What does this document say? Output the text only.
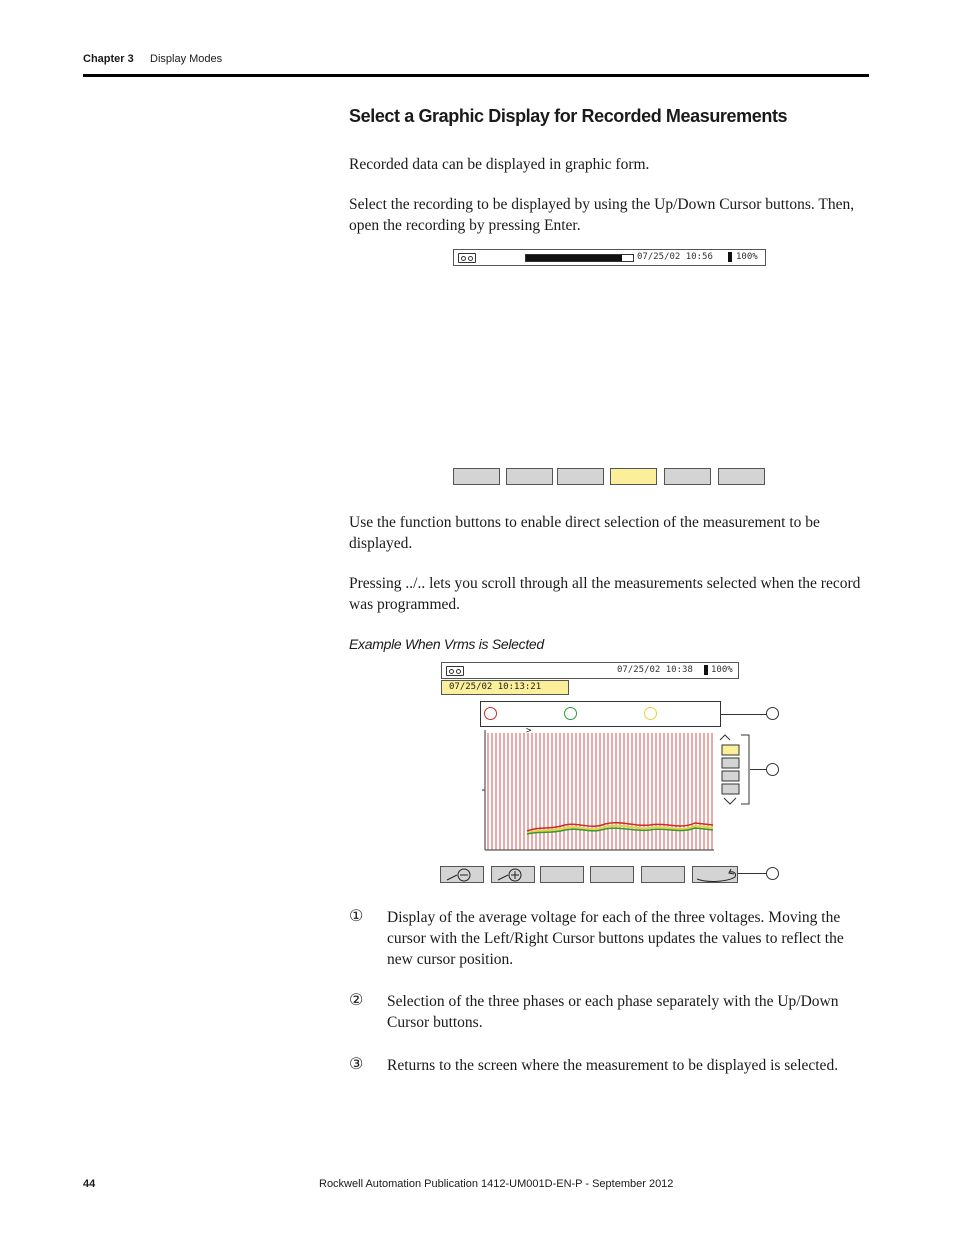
Chapter 3 Display Modes
Select a Graphic Display for Recorded Measurements
Recorded data can be displayed in graphic form.
Select the recording to be displayed by using the Up/Down Cursor buttons. Then, open the recording by pressing Enter.
07/25/02 10:56	100%
Use the function buttons to enable direct selection of the measurement to be displayed.
Pressing ../.. lets you scroll through all the measurements selected when the record was programmed.
Example When Vrms is Selected
07/25/02 10:38 100%
07/25/02 10:13:21
>
① Display of the average voltage for each of the three voltages. Moving the cursor with the Left/Right Cursor buttons updates the values to reflect the new cursor position.
② Selection of the three phases or each phase separately with the Up/Down Cursor buttons.
③ Returns to the screen where the measurement to be displayed is selected.
44	Rockwell Automation Publication 1412-UM001D-EN-P - September 2012
